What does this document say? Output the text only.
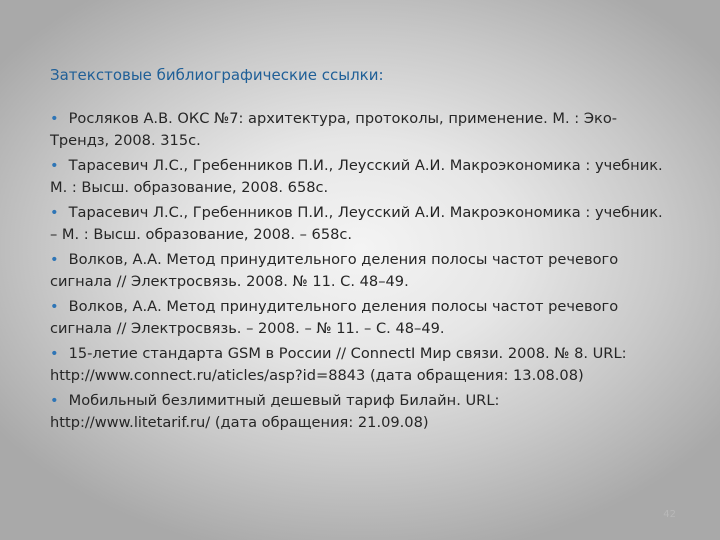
Затекстовые библиографические ссылки:
• Росляков А.В. ОКС №7: архитектура, протоколы, применение. М. : Эко-
Трендз, 2008. 315с.
• Тарасевич Л.С., Гребенников П.И., Леусский А.И. Макроэкономика : учебник.
М. : Высш. образование, 2008. 658с.
• Тарасевич Л.С., Гребенников П.И., Леусский А.И. Макроэкономика : учебник.
– М. : Высш. образование, 2008. – 658с.
• Волков, А.А. Метод принудительного деления полосы частот речевого
сигнала // Электросвязь. 2008. № 11. С. 48–49.
• Волков, А.А. Метод принудительного деления полосы частот речевого
сигнала // Электросвязь. – 2008. – № 11. – С. 48–49.
• 15-летие стандарта GSM в России // ConnectI Мир связи. 2008. № 8. URL:
http://www.connect.ru/aticles/asp?id=8843 (дата обращения: 13.08.08)
• Мобильный безлимитный дешевый тариф Билайн. URL:
http://www.litetarif.ru/ (дата обращения: 21.09.08)
42
